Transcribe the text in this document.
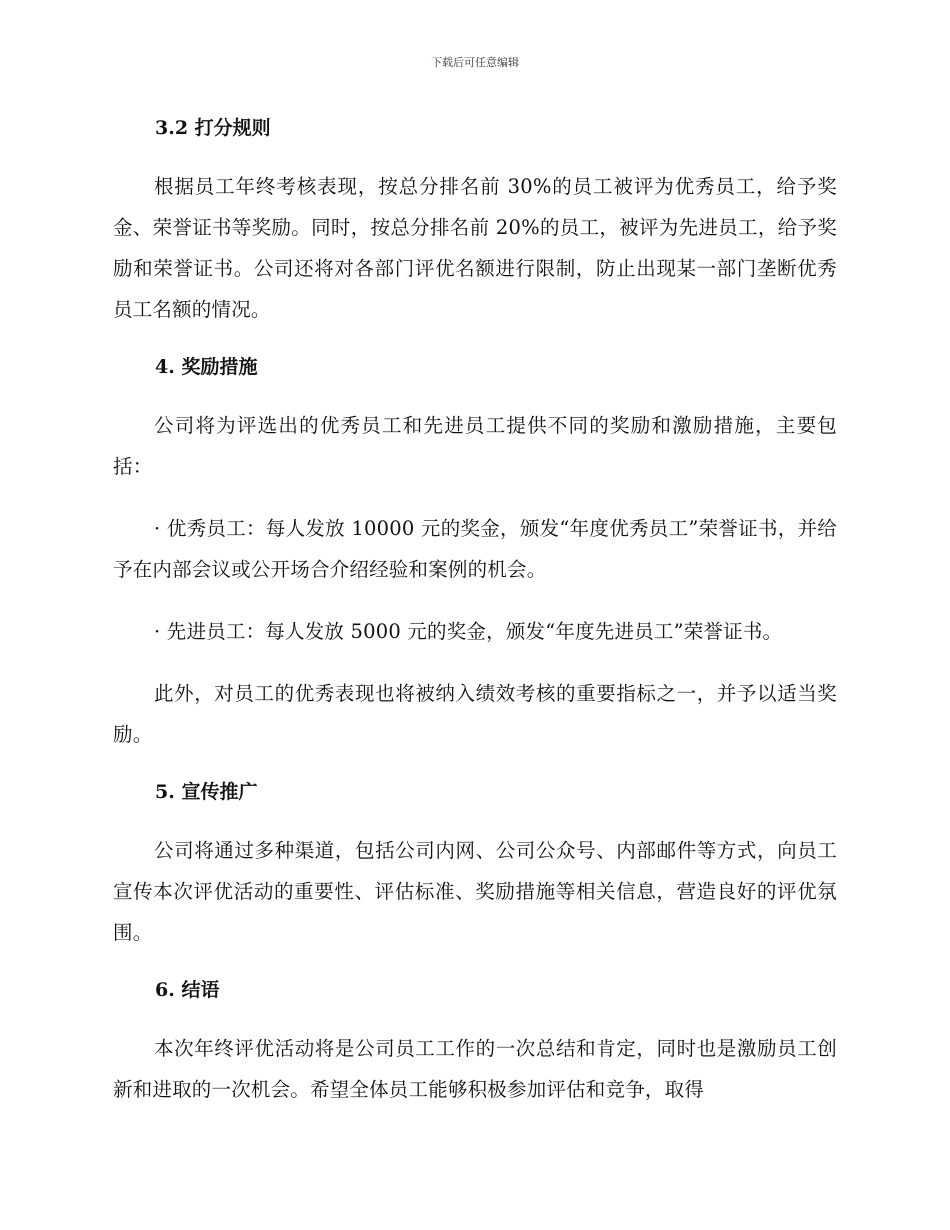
下载后可任意编辑
3.2 打分规则

根据员工年终考核表现，按总分排名前 30%的员工被评为优秀员工，给予奖金、荣誉证书等奖励。同时，按总分排名前 20%的员工，被评为先进员工，给予奖励和荣誉证书。公司还将对各部门评优名额进行限制，防止出现某一部门垄断优秀员工名额的情况。

4. 奖励措施

公司将为评选出的优秀员工和先进员工提供不同的奖励和激励措施，主要包括：

· 优秀员工：每人发放 10000 元的奖金，颁发“年度优秀员工”荣誉证书，并给予在内部会议或公开场合介绍经验和案例的机会。

· 先进员工：每人发放 5000 元的奖金，颁发“年度先进员工”荣誉证书。

此外，对员工的优秀表现也将被纳入绩效考核的重要指标之一，并予以适当奖励。

5. 宣传推广

公司将通过多种渠道，包括公司内网、公司公众号、内部邮件等方式，向员工宣传本次评优活动的重要性、评估标准、奖励措施等相关信息，营造良好的评优氛围。

6. 结语

本次年终评优活动将是公司员工工作的一次总结和肯定，同时也是激励员工创新和进取的一次机会。希望全体员工能够积极参加评估和竞争，取得
